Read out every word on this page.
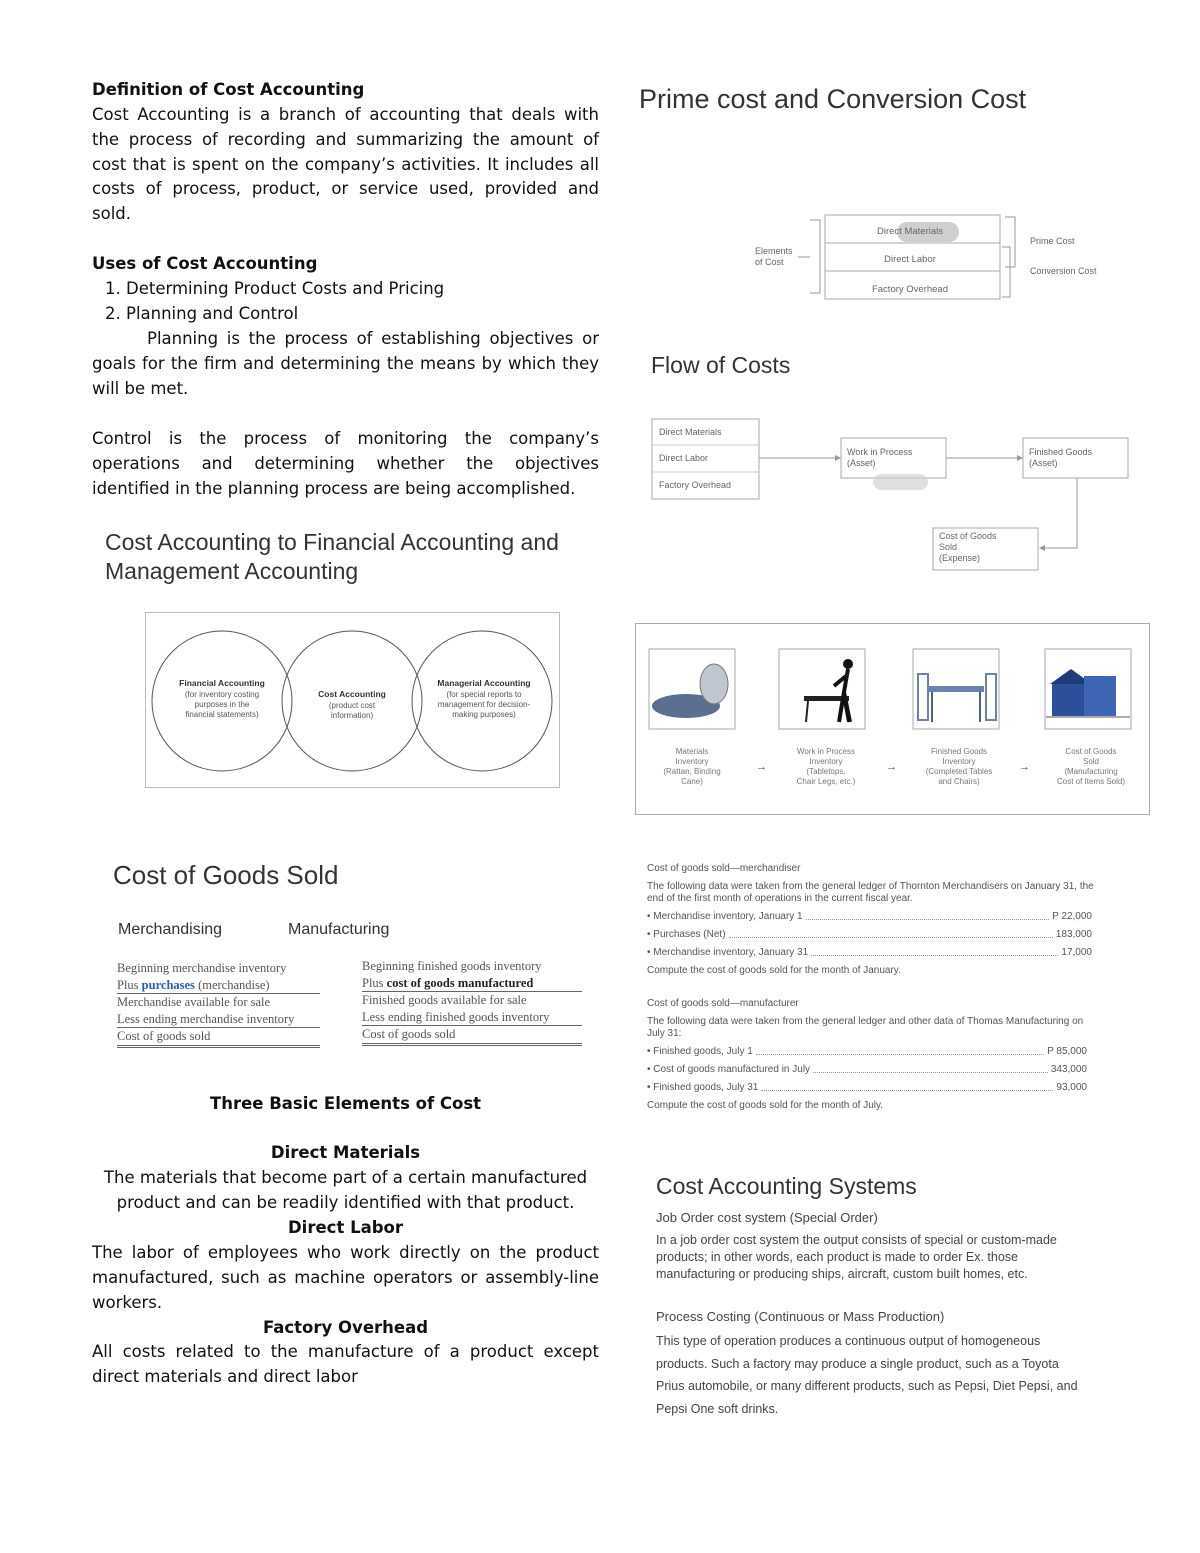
Definition of Cost Accounting
Cost Accounting is a branch of accounting that deals with
the process of recording and summarizing the amount of
cost that is spent on the company’s activities. It includes all
costs of process, product, or service used, provided and
sold.
Uses of Cost Accounting
1. Determining Product Costs and Pricing
2. Planning and Control
Planning is the process of establishing objectives or
goals for the firm and determining the means by which they
will be met.
Control is the process of monitoring the company’s
operations and determining whether the objectives
identified in the planning process are being accomplished.
Cost Accounting to Financial Accounting and
Management Accounting
Financial Accounting
(for inventory costing
purposes in the
financial statements)
Cost Accounting
(product cost
information)
Managerial Accounting
(for special reports to
management for decision-
making purposes)
Cost of Goods Sold
Merchandising	Manufacturing
Beginning merchandise inventory
Plus purchases (merchandise)
Merchandise available for sale
Less ending merchandise inventory
Cost of goods sold
Beginning finished goods inventory
Plus cost of goods manufactured
Finished goods available for sale
Less ending finished goods inventory
Cost of goods sold
Three Basic Elements of Cost
Direct Materials
The materials that become part of a certain manufactured
product and can be readily identified with that product.
Direct Labor
The labor of employees who work directly on the product
manufactured, such as machine operators or assembly-line
workers.
Factory Overhead
All costs related to the manufacture of a product except
direct materials and direct labor
Prime cost and Conversion Cost
Elements
of Cost
Direct Materials
Direct Labor
Factory Overhead
Prime Cost
Conversion Cost
Flow of Costs
Direct Materials
Direct Labor
Factory Overhead
Work in Process
(Asset)
Finished Goods
(Asset)
Cost of Goods
Sold
(Expense)
Materials
Inventory
(Rattan, Binding
Cane)
Work in Process
Inventory
(Tabletops,
Chair Legs, etc.)
Finished Goods
Inventory
(Completed Tables
and Chairs)
Cost of Goods
Sold
(Manufacturing
Cost of Items Sold)
→	→	→
Cost of goods sold—merchandiser
The following data were taken from the general ledger of Thornton Merchandisers on January 31, the
end of the first month of operations in the current fiscal year.
• Merchandise inventory, January 1	P 22,000
• Purchases (Net)	183,000
• Merchandise inventory, January 31	17,000
Compute the cost of goods sold for the month of January.
Cost of goods sold—manufacturer
The following data were taken from the general ledger and other data of Thomas Manufacturing on
July 31:
• Finished goods, July 1	P 85,000
• Cost of goods manufactured in July	343,000
• Finished goods, July 31	93,000
Compute the cost of goods sold for the month of July.
Cost Accounting Systems
Job Order cost system (Special Order)
In a job order cost system the output consists of special or custom-made
products; in other words, each product is made to order Ex. those
manufacturing or producing ships, aircraft, custom built homes, etc.
Process Costing (Continuous or Mass Production)
This type of operation produces a continuous output of homogeneous
products. Such a factory may produce a single product, such as a Toyota
Prius automobile, or many different products, such as Pepsi, Diet Pepsi, and
Pepsi One soft drinks.
